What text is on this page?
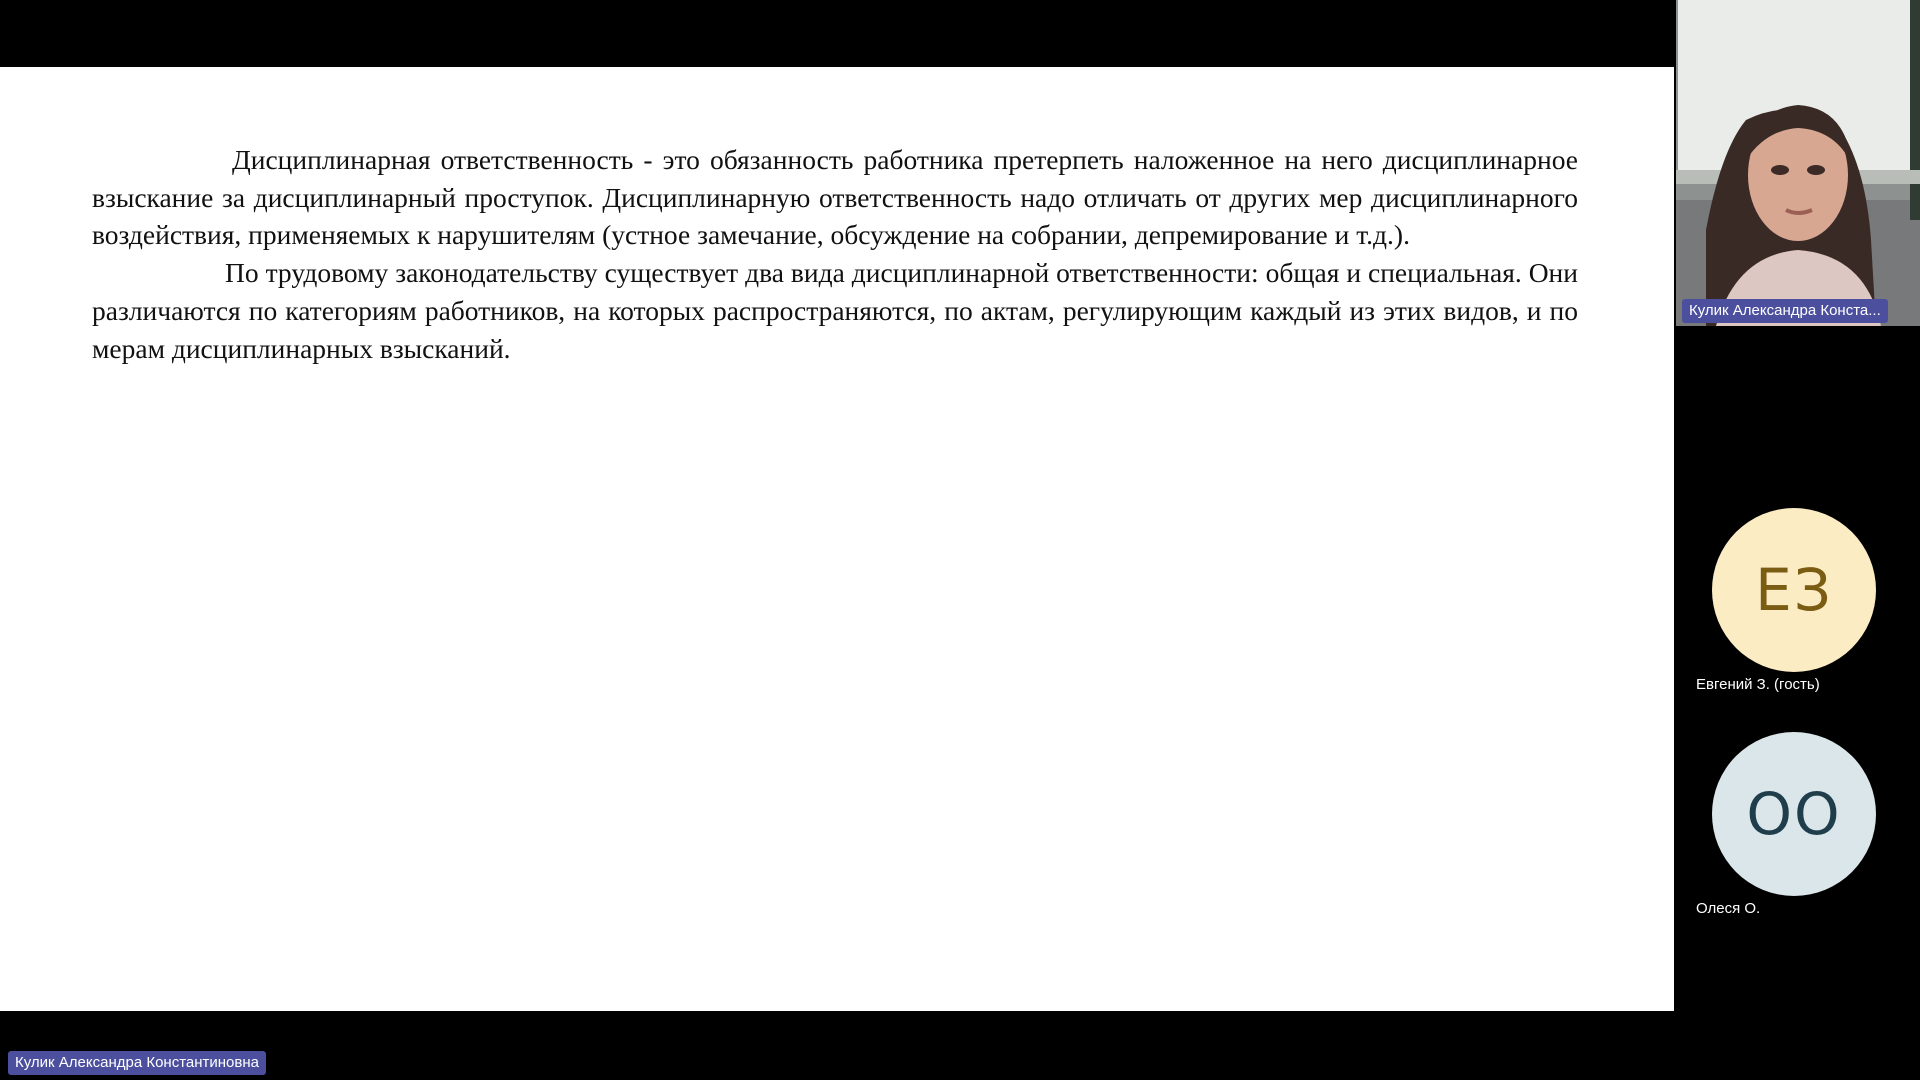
Дисциплинарная ответственность - это обязанность работника претерпеть наложенное на него дисциплинарное взыскание за дисциплинарный проступок. Дисциплинарную ответственность надо отличать от других мер дисциплинарного воздействия, применяемых к нарушителям (устное замечание, обсуждение на собрании, депремирование и т.д.).

По трудовому законодательству существует два вида дисциплинарной ответственности: общая и специальная. Они различаются по категориям работников, на которых распространяются, по актам, регулирующим каждый из этих видов, и по мерам дисциплинарных взысканий.

Кулик Александра Конста...
ЕЗ
Евгений З. (гость)
ОО
Олеся О.
Кулик Александра Константиновна
